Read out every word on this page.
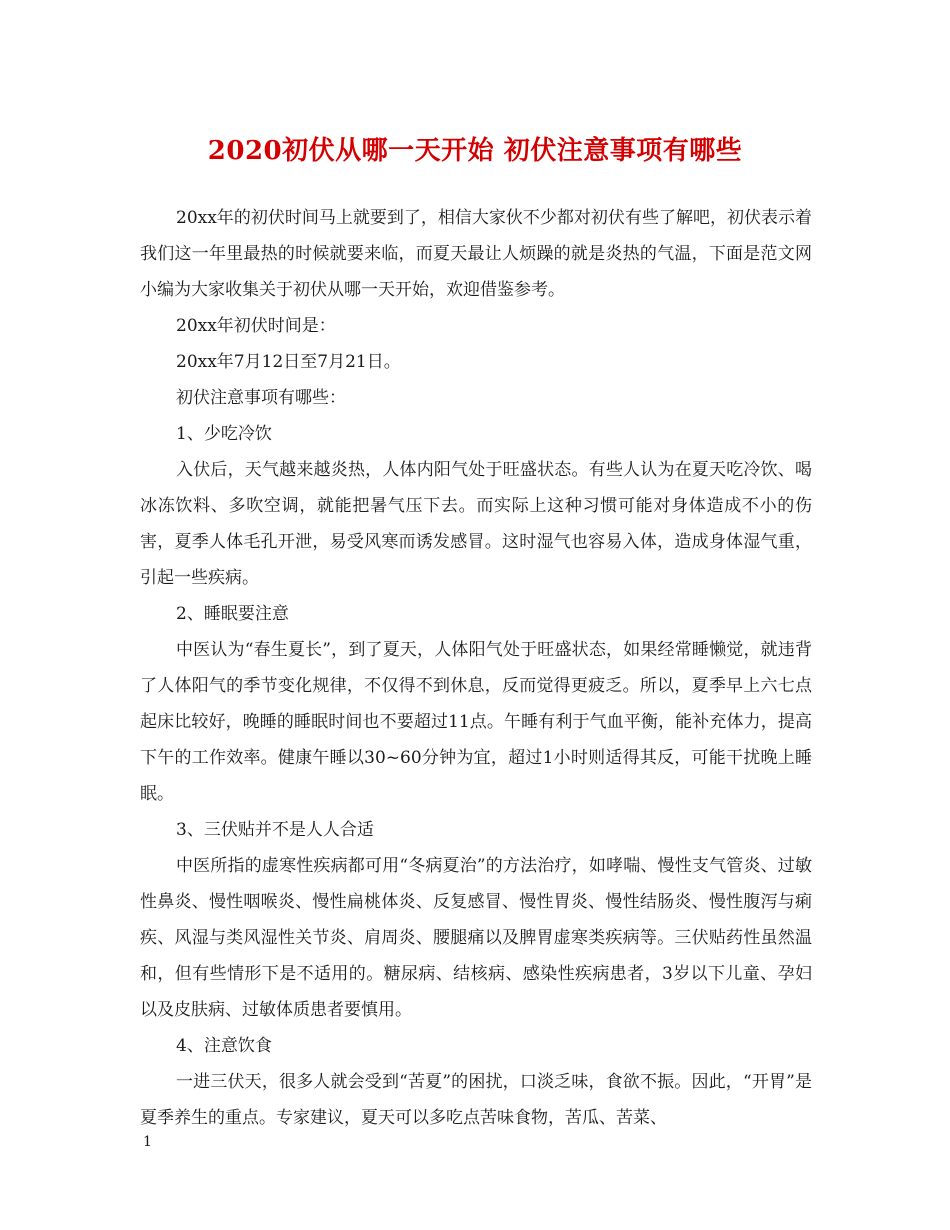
2020初伏从哪一天开始 初伏注意事项有哪些

20xx年的初伏时间马上就要到了，相信大家伙不少都对初伏有些了解吧，初伏表示着我们这一年里最热的时候就要来临，而夏天最让人烦躁的就是炎热的气温，下面是范文网小编为大家收集关于初伏从哪一天开始，欢迎借鉴参考。

20xx年初伏时间是：

20xx年7月12日至7月21日。

初伏注意事项有哪些：

1、少吃冷饮

入伏后，天气越来越炎热，人体内阳气处于旺盛状态。有些人认为在夏天吃冷饮、喝冰冻饮料、多吹空调，就能把暑气压下去。而实际上这种习惯可能对身体造成不小的伤害，夏季人体毛孔开泄，易受风寒而诱发感冒。这时湿气也容易入体，造成身体湿气重，引起一些疾病。

2、睡眠要注意

中医认为“春生夏长”，到了夏天，人体阳气处于旺盛状态，如果经常睡懒觉，就违背了人体阳气的季节变化规律，不仅得不到休息，反而觉得更疲乏。所以，夏季早上六七点起床比较好，晚睡的睡眠时间也不要超过11点。午睡有利于气血平衡，能补充体力，提高下午的工作效率。健康午睡以30~60分钟为宜，超过1小时则适得其反，可能干扰晚上睡眠。

3、三伏贴并不是人人合适

中医所指的虚寒性疾病都可用“冬病夏治”的方法治疗，如哮喘、慢性支气管炎、过敏性鼻炎、慢性咽喉炎、慢性扁桃体炎、反复感冒、慢性胃炎、慢性结肠炎、慢性腹泻与痢疾、风湿与类风湿性关节炎、肩周炎、腰腿痛以及脾胃虚寒类疾病等。三伏贴药性虽然温和，但有些情形下是不适用的。糖尿病、结核病、感染性疾病患者，3岁以下儿童、孕妇以及皮肤病、过敏体质患者要慎用。

4、注意饮食

一进三伏天，很多人就会受到“苦夏”的困扰，口淡乏味，食欲不振。因此，“开胃”是夏季养生的重点。专家建议，夏天可以多吃点苦味食物，苦瓜、苦菜、

1
